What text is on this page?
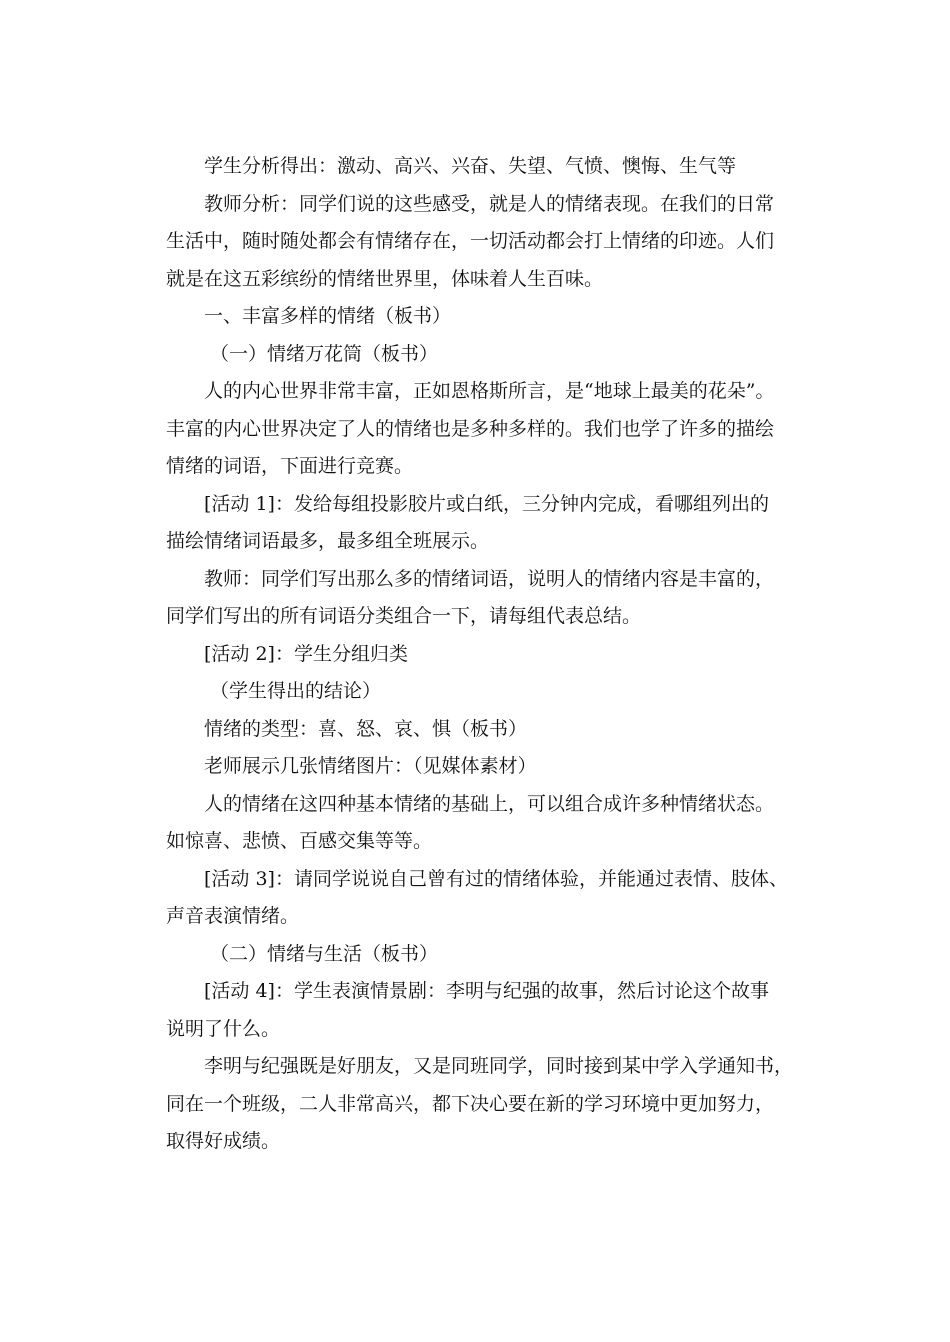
学生分析得出：激动、高兴、兴奋、失望、气愤、懊悔、生气等
教师分析：同学们说的这些感受，就是人的情绪表现。在我们的日常
生活中，随时随处都会有情绪存在，一切活动都会打上情绪的印迹。人们
就是在这五彩缤纷的情绪世界里，体味着人生百味。
一、丰富多样的情绪（板书）
（一）情绪万花筒（板书）
人的内心世界非常丰富，正如恩格斯所言，是“地球上最美的花朵”。
丰富的内心世界决定了人的情绪也是多种多样的。我们也学了许多的描绘
情绪的词语，下面进行竞赛。
[活动 1]：发给每组投影胶片或白纸，三分钟内完成，看哪组列出的
描绘情绪词语最多，最多组全班展示。
教师：同学们写出那么多的情绪词语，说明人的情绪内容是丰富的，
同学们写出的所有词语分类组合一下，请每组代表总结。
[活动 2]：学生分组归类
（学生得出的结论）
情绪的类型：喜、怒、哀、惧（板书）
老师展示几张情绪图片：（见媒体素材）
人的情绪在这四种基本情绪的基础上，可以组合成许多种情绪状态。
如惊喜、悲愤、百感交集等等。
[活动 3]：请同学说说自己曾有过的情绪体验，并能通过表情、肢体、
声音表演情绪。
（二）情绪与生活（板书）
[活动 4]：学生表演情景剧：李明与纪强的故事，然后讨论这个故事
说明了什么。
李明与纪强既是好朋友，又是同班同学，同时接到某中学入学通知书，
同在一个班级，二人非常高兴，都下决心要在新的学习环境中更加努力，
取得好成绩。
